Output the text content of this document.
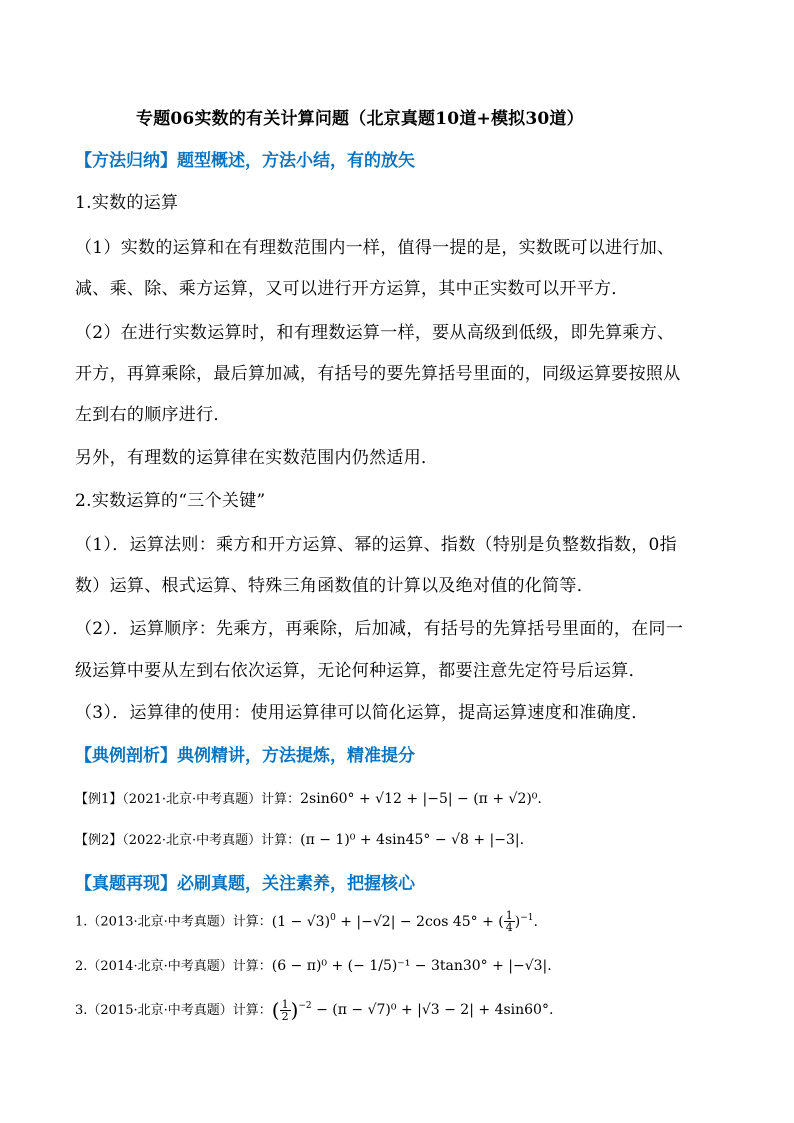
专题06实数的有关计算问题（北京真题10道+模拟30道）
【方法归纳】题型概述，方法小结，有的放矢
1.实数的运算
（1）实数的运算和在有理数范围内一样，值得一提的是，实数既可以进行加、
减、乘、除、乘方运算，又可以进行开方运算，其中正实数可以开平方．
（2）在进行实数运算时，和有理数运算一样，要从高级到低级，即先算乘方、
开方，再算乘除，最后算加减，有括号的要先算括号里面的，同级运算要按照从
左到右的顺序进行．
另外，有理数的运算律在实数范围内仍然适用．
2.实数运算的“三个关键”
（1）．运算法则：乘方和开方运算、幂的运算、指数（特别是负整数指数，0指
数）运算、根式运算、特殊三角函数值的计算以及绝对值的化简等．
（2）．运算顺序：先乘方，再乘除，后加减，有括号的先算括号里面的，在同一
级运算中要从左到右依次运算，无论何种运算，都要注意先定符号后运算．
（3）．运算律的使用：使用运算律可以简化运算，提高运算速度和准确度．
【典例剖析】典例精讲，方法提炼，精准提分
【例1】（2021·北京·中考真题）计算：2sin60° + √12 + |−5| − (π + √2)⁰.
【例2】（2022·北京·中考真题）计算：(π − 1)⁰ + 4sin45° − √8 + |−3|.
【真题再现】必刷真题，关注素养，把握核心
1.（2013·北京·中考真题）计算：$(1 - √3)^0 + |-√2| - 2\cos$ 45° + ( $\frac{1}{4} )^{-1}$.
2.（2014·北京·中考真题）计算：(6 − π)⁰ + (− 1/5)⁻¹ − 3tan30° + |−√3|.
3.（2015·北京·中考真题）计算：( $\frac{1}{2} )^{-2} - (\pi - √7)^0 + |√3 - 2| + 4\sin 60^\circ$.
